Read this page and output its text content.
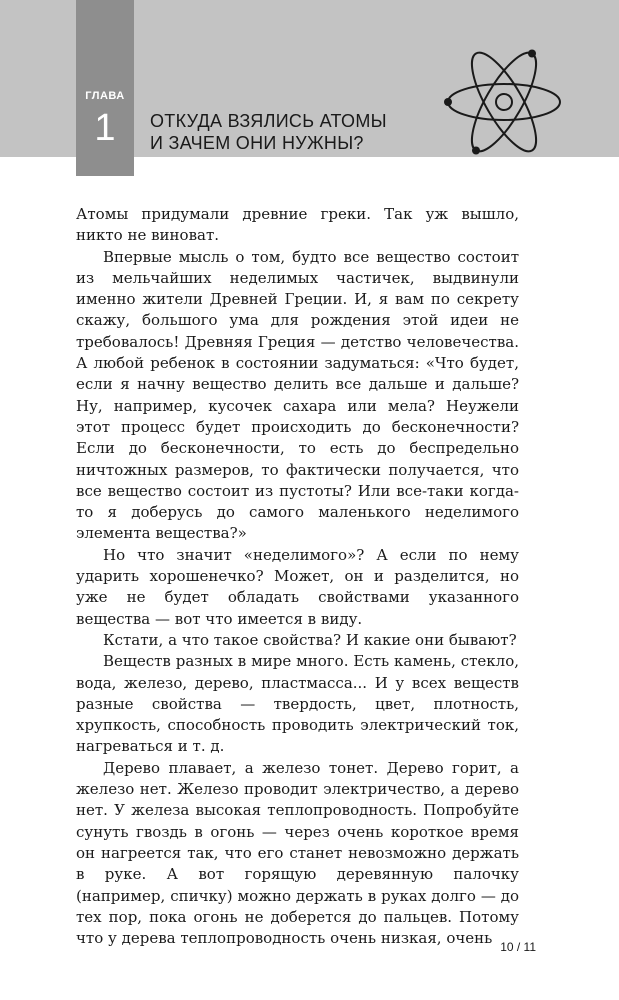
ГЛАВА
1	ОТКУДА ВЗЯЛИСЬ АТОМЫ
И ЗАЧЕМ ОНИ НУЖНЫ?

Атомы придумали древние греки. Так уж вышло, никто не виноват.

Впервые мысль о том, будто все вещество состоит из мельчайших неделимых частичек, выдвинули именно жители Древней Греции. И, я вам по секрету скажу, большого ума для рождения этой идеи не требовалось! Древняя Греция — детство человечества. А любой ребенок в состоянии задуматься: «Что будет, если я начну вещество делить все дальше и дальше? Ну, например, кусочек сахара или мела? Неужели этот процесс будет происходить до бесконечности? Если до бесконечности, то есть до беспредельно ничтожных размеров, то фактически получается, что все вещество состоит из пустоты? Или все-таки когда-то я доберусь до самого маленького неделимого элемента вещества?»

Но что значит «неделимого»? А если по нему ударить хорошенечко? Может, он и разделится, но уже не будет обладать свойствами указанного вещества — вот что имеется в виду.

Кстати, а что такое свойства? И какие они бывают?

Веществ разных в мире много. Есть камень, стекло, вода, железо, дерево, пластмасса... И у всех веществ разные свойства — твердость, цвет, плотность, хрупкость, способность проводить электрический ток, нагреваться и т. д.

Дерево плавает, а железо тонет. Дерево горит, а железо нет. Железо проводит электричество, а дерево нет. У железа высокая теплопроводность. Попробуйте сунуть гвоздь в огонь — через очень короткое время он нагреется так, что его станет невозможно держать в руке. А вот горящую деревянную палочку (например, спичку) можно держать в руках долго — до тех пор, пока огонь не доберется до пальцев. Потому что у дерева теплопроводность очень низкая, очень 10 / 11
